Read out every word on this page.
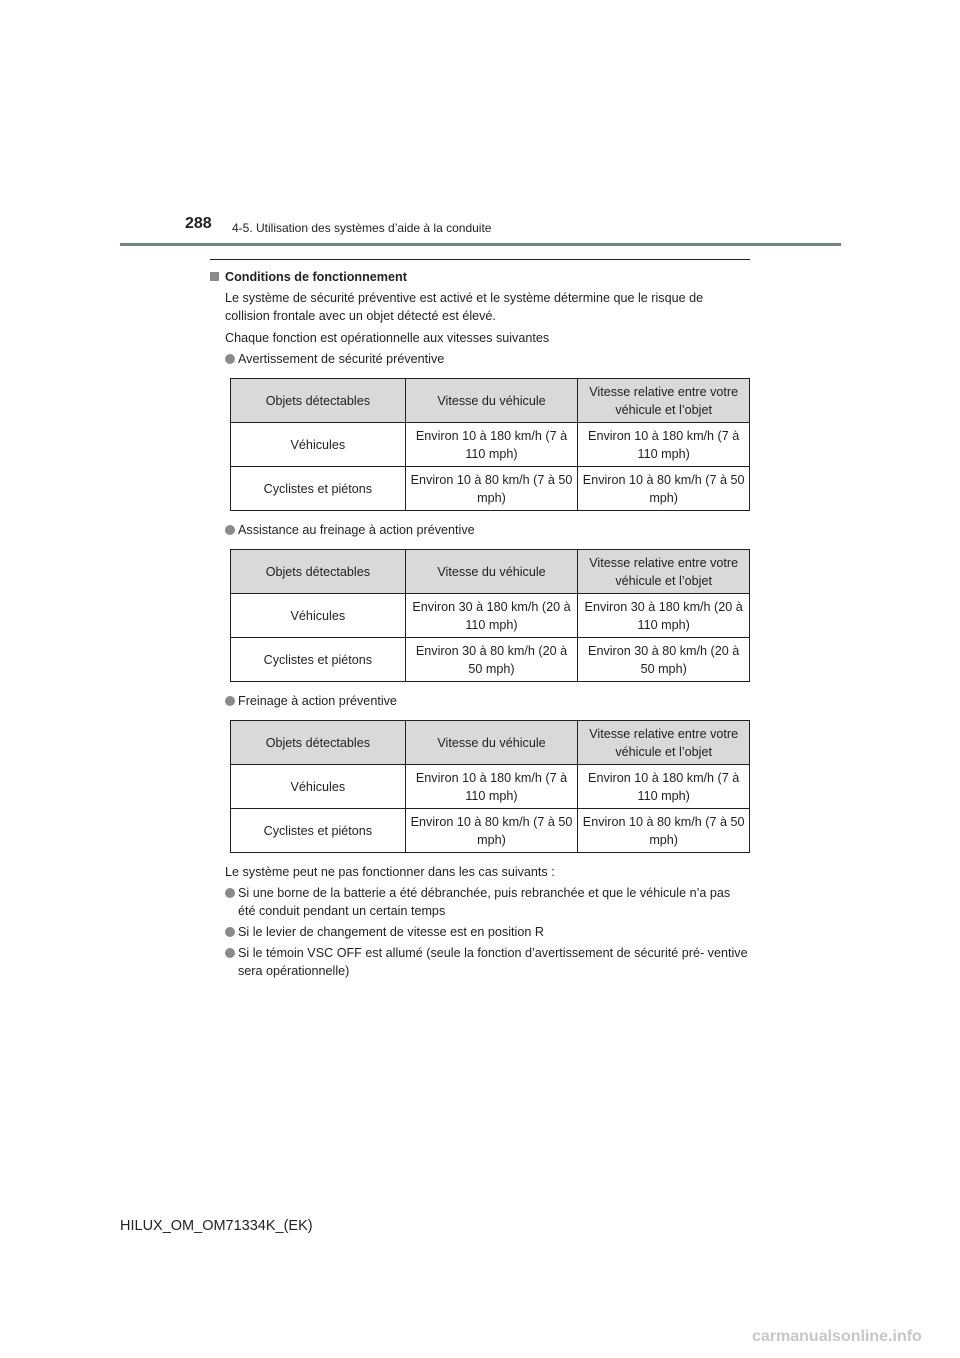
288 4-5. Utilisation des systèmes d’aide à la conduite
Conditions de fonctionnement
Le système de sécurité préventive est activé et le système détermine que le risque de collision frontale avec un objet détecté est élevé.
Chaque fonction est opérationnelle aux vitesses suivantes
Avertissement de sécurité préventive
Objets détectables	Vitesse du véhicule	Vitesse relative entre votre véhicule et l’objet
Véhicules	Environ 10 à 180 km/h (7 à 110 mph)	Environ 10 à 180 km/h (7 à 110 mph)
Cyclistes et piétons	Environ 10 à 80 km/h (7 à 50 mph)	Environ 10 à 80 km/h (7 à 50 mph)
Assistance au freinage à action préventive
Objets détectables	Vitesse du véhicule	Vitesse relative entre votre véhicule et l’objet
Véhicules	Environ 30 à 180 km/h (20 à 110 mph)	Environ 30 à 180 km/h (20 à 110 mph)
Cyclistes et piétons	Environ 30 à 80 km/h (20 à 50 mph)	Environ 30 à 80 km/h (20 à 50 mph)
Freinage à action préventive
Objets détectables	Vitesse du véhicule	Vitesse relative entre votre véhicule et l’objet
Véhicules	Environ 10 à 180 km/h (7 à 110 mph)	Environ 10 à 180 km/h (7 à 110 mph)
Cyclistes et piétons	Environ 10 à 80 km/h (7 à 50 mph)	Environ 10 à 80 km/h (7 à 50 mph)
Le système peut ne pas fonctionner dans les cas suivants :
Si une borne de la batterie a été débranchée, puis rebranchée et que le véhicule n’a pas été conduit pendant un certain temps
Si le levier de changement de vitesse est en position R
Si le témoin VSC OFF est allumé (seule la fonction d’avertissement de sécurité pré- ventive sera opérationnelle)
HILUX_OM_OM71334K_(EK)
carmanualsonline.info
